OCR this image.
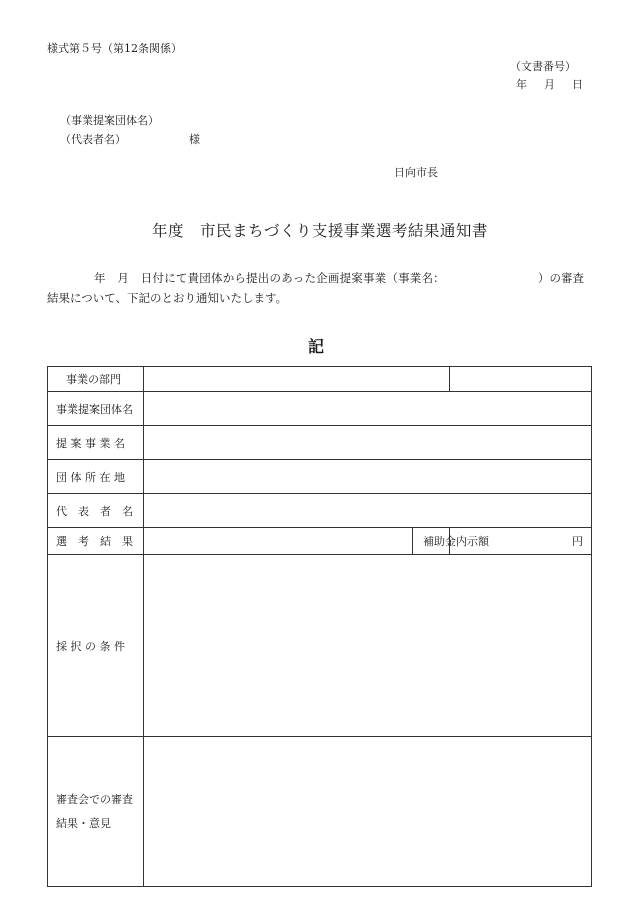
様式第５号（第12条関係）
（文書番号）
年　月　日
（事業提案団体名）
（代表者名）	様
日向市長
年度　市民まちづくり支援事業選考結果通知書
年　月　日付にて貴団体から提出のあった企画提案事業（事業名：	）の審査
結果について、下記のとおり通知いたします。
記
事業の部門			
事業提案団体名			
提 案 事 業 名			
団 体 所 在 地			
代　表　者　名			
選　考　結　果		補助金内示額	円
採 択 の 条 件			

審査会での審査
結果・意見			
